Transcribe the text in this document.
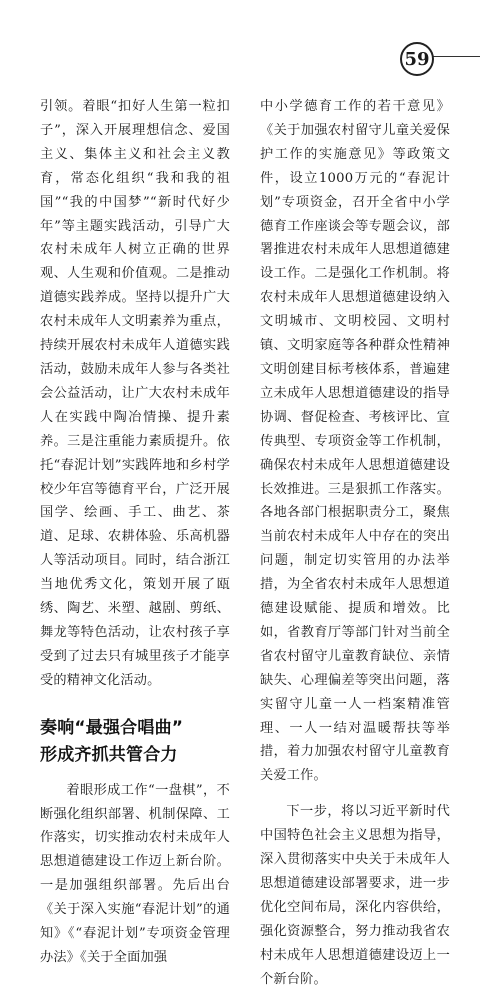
59

引领。着眼“扣好人生第一粒扣子”，深入开展理想信念、爱国主义、集体主义和社会主义教育，常态化组织“我和我的祖国”“我的中国梦”“新时代好少年”等主题实践活动，引导广大农村未成年人树立正确的世界观、人生观和价值观。二是推动道德实践养成。坚持以提升广大农村未成年人文明素养为重点，持续开展农村未成年人道德实践活动，鼓励未成年人参与各类社会公益活动，让广大农村未成年人在实践中陶冶情操、提升素养。三是注重能力素质提升。依托“春泥计划”实践阵地和乡村学校少年宫等德育平台，广泛开展国学、绘画、手工、曲艺、茶道、足球、农耕体验、乐高机器人等活动项目。同时，结合浙江当地优秀文化，策划开展了瓯绣、陶艺、米塑、越剧、剪纸、舞龙等特色活动，让农村孩子享受到了过去只有城里孩子才能享受的精神文化活动。

奏响“最强合唱曲”
形成齐抓共管合力

着眼形成工作“一盘棋”，不断强化组织部署、机制保障、工作落实，切实推动农村未成年人思想道德建设工作迈上新台阶。一是加强组织部署。先后出台《关于深入实施“春泥计划”的通知》《“春泥计划”专项资金管理办法》《关于全面加强

中小学德育工作的若干意见》《关于加强农村留守儿童关爱保护工作的实施意见》等政策文件，设立1000万元的“春泥计划”专项资金，召开全省中小学德育工作座谈会等专题会议，部署推进农村未成年人思想道德建设工作。二是强化工作机制。将农村未成年人思想道德建设纳入文明城市、文明校园、文明村镇、文明家庭等各种群众性精神文明创建目标考核体系，普遍建立未成年人思想道德建设的指导协调、督促检查、考核评比、宣传典型、专项资金等工作机制，确保农村未成年人思想道德建设长效推进。三是狠抓工作落实。各地各部门根据职责分工，聚焦当前农村未成年人中存在的突出问题，制定切实管用的办法举措，为全省农村未成年人思想道德建设赋能、提质和增效。比如，省教育厅等部门针对当前全省农村留守儿童教育缺位、亲情缺失、心理偏差等突出问题，落实留守儿童一人一档案精准管理、一人一结对温暖帮扶等举措，着力加强农村留守儿童教育关爱工作。

下一步，将以习近平新时代中国特色社会主义思想为指导，深入贯彻落实中央关于未成年人思想道德建设部署要求，进一步优化空间布局，深化内容供给，强化资源整合，努力推动我省农村未成年人思想道德建设迈上一个新台阶。
